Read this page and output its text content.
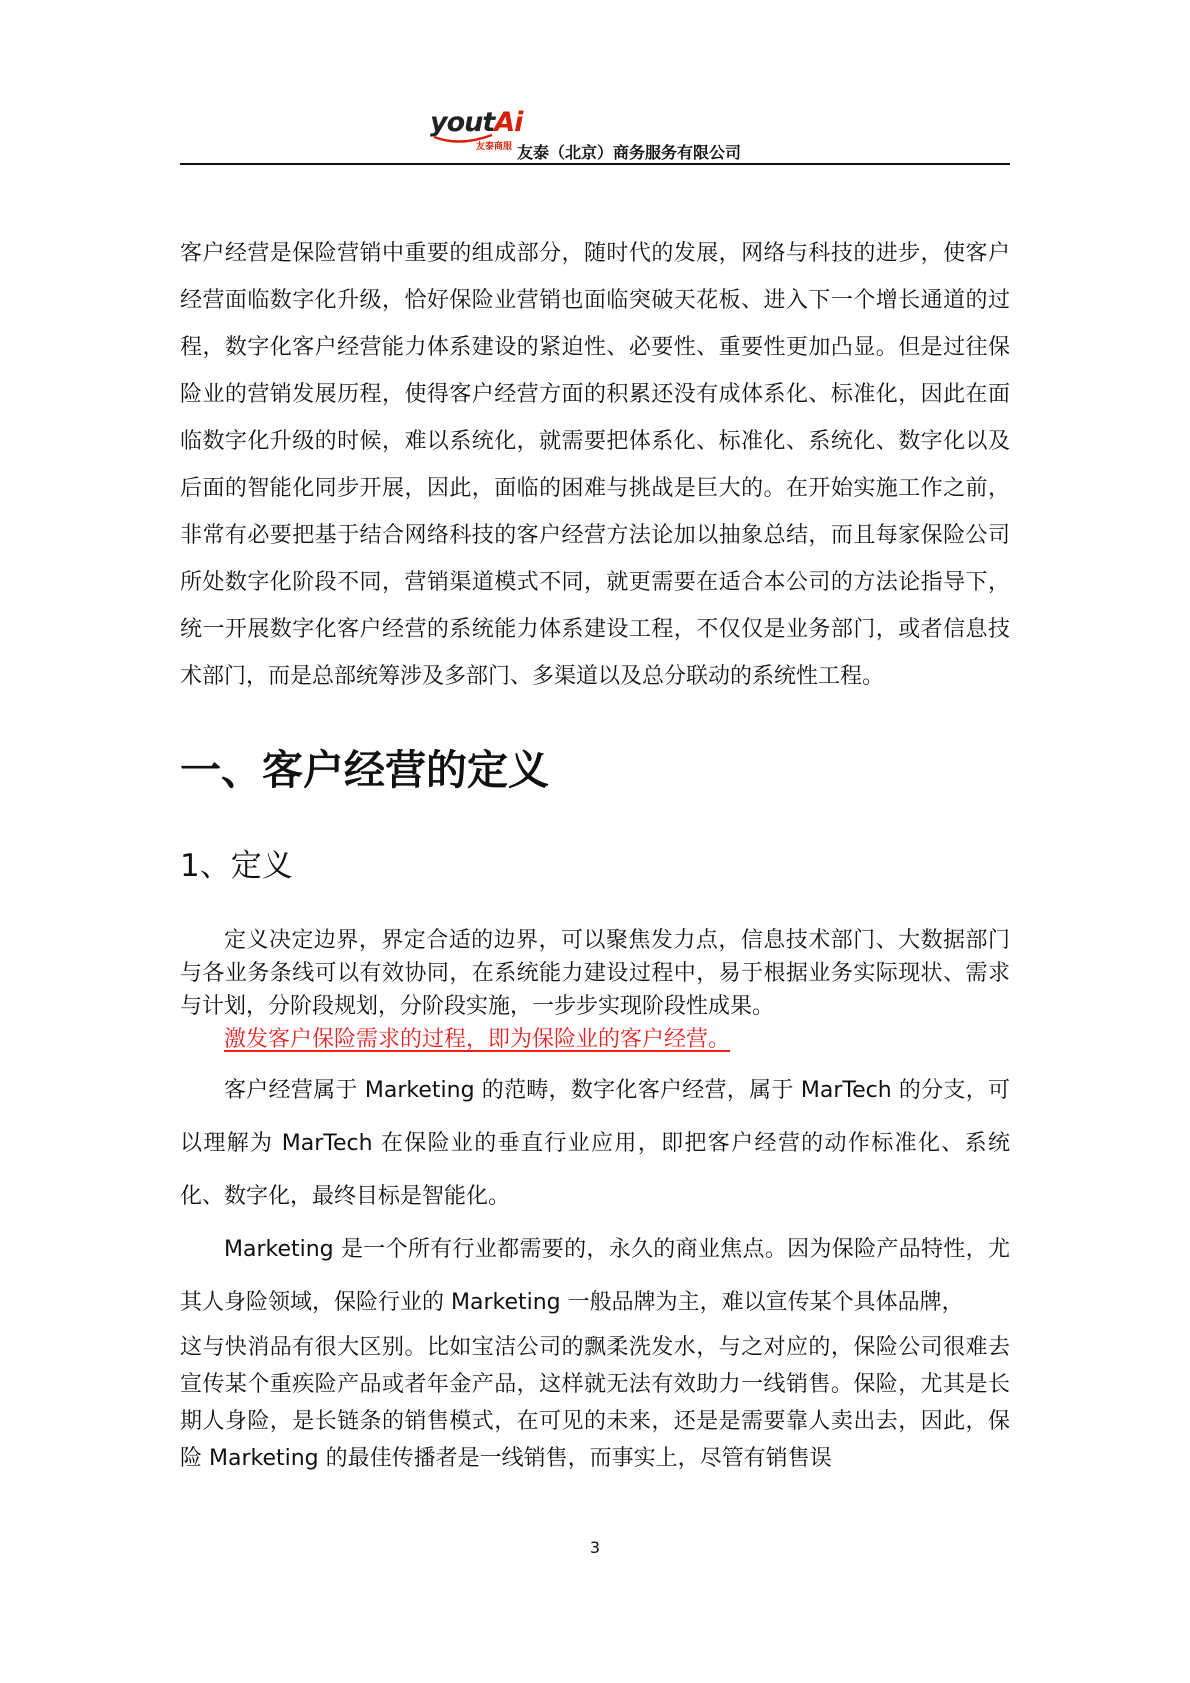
youtAi
友泰商服 友泰（北京）商务服务有限公司

客户经营是保险营销中重要的组成部分，随时代的发展，网络与科技的进步，使客户经营面临数字化升级，恰好保险业营销也面临突破天花板、进入下一个增长通道的过程，数字化客户经营能力体系建设的紧迫性、必要性、重要性更加凸显。但是过往保险业的营销发展历程，使得客户经营方面的积累还没有成体系化、标准化，因此在面临数字化升级的时候，难以系统化，就需要把体系化、标准化、系统化、数字化以及后面的智能化同步开展，因此，面临的困难与挑战是巨大的。在开始实施工作之前，非常有必要把基于结合网络科技的客户经营方法论加以抽象总结，而且每家保险公司所处数字化阶段不同，营销渠道模式不同，就更需要在适合本公司的方法论指导下，统一开展数字化客户经营的系统能力体系建设工程，不仅仅是业务部门，或者信息技术部门，而是总部统筹涉及多部门、多渠道以及总分联动的系统性工程。

一、客户经营的定义
1、定义

定义决定边界，界定合适的边界，可以聚焦发力点，信息技术部门、大数据部门与各业务条线可以有效协同，在系统能力建设过程中，易于根据业务实际现状、需求与计划，分阶段规划，分阶段实施，一步步实现阶段性成果。

激发客户保险需求的过程，即为保险业的客户经营。

客户经营属于 Marketing 的范畴，数字化客户经营，属于 MarTech 的分支，可以理解为 MarTech 在保险业的垂直行业应用，即把客户经营的动作标准化、系统化、数字化，最终目标是智能化。

Marketing 是一个所有行业都需要的，永久的商业焦点。因为保险产品特性，尤其人身险领域，保险行业的 Marketing 一般品牌为主，难以宣传某个具体品牌，

这与快消品有很大区别。比如宝洁公司的飘柔洗发水，与之对应的，保险公司很难去宣传某个重疾险产品或者年金产品，这样就无法有效助力一线销售。保险，尤其是长期人身险，是长链条的销售模式，在可见的未来，还是是需要靠人卖出去，因此，保险 Marketing 的最佳传播者是一线销售，而事实上，尽管有销售误

3
